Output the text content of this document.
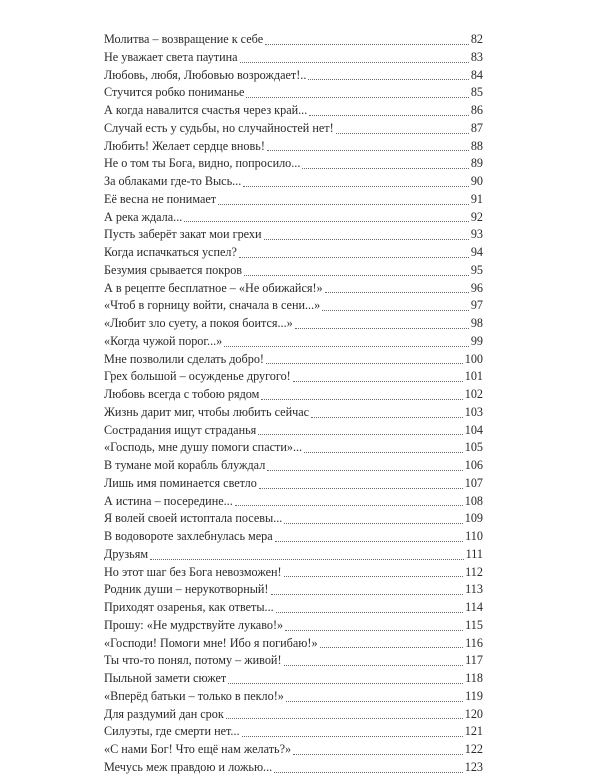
Молитва – возвращение к себе	82
Не уважает света паутина	83
Любовь, любя, Любовью возрождает!..	84
Стучится робко пониманье	85
А когда навалится счастья через край...	86
Случай есть у судьбы, но случайностей нет!	87
Любить! Желает сердце вновь!	88
Не о том ты Бога, видно, попросило...	89
За облаками где-то Высь...	90
Её весна не понимает	91
А река ждала...	92
Пусть заберёт закат мои грехи	93
Когда испачкаться успел?	94
Безумия срывается покров	95
А в рецепте бесплатное – «Не обижайся!»	96
«Чтоб в горницу войти, сначала в сени...»	97
«Любит зло суету, а покоя боится...»	98
«Когда чужой порог...»	99
Мне позволили сделать добро!	100
Грех большой – осужденье другого!	101
Любовь всегда с тобою рядом	102
Жизнь дарит миг, чтобы любить сейчас	103
Сострадания ищут страданья	104
«Господь, мне душу помоги спасти»...	105
В тумане мой корабль блуждал	106
Лишь имя поминается светло	107
А истина – посередине...	108
Я волей своей истоптала посевы...	109
В водовороте захлебнулась мера	110
Друзьям	111
Но этот шаг без Бога невозможен!	112
Родник души – нерукотворный!	113
Приходят озаренья, как ответы...	114
Прошу: «Не мудрствуйте лукаво!»	115
«Господи! Помоги мне! Ибо я погибаю!»	116
Ты что-то понял, потому – живой!	117
Пыльной замети сюжет	118
«Вперёд батьки – только в пекло!»	119
Для раздумий дан срок	120
Силуэты, где смерти нет...	121
«С нами Бог! Что ещё нам желать?»	122
Мечусь меж правдою и ложью...	123
